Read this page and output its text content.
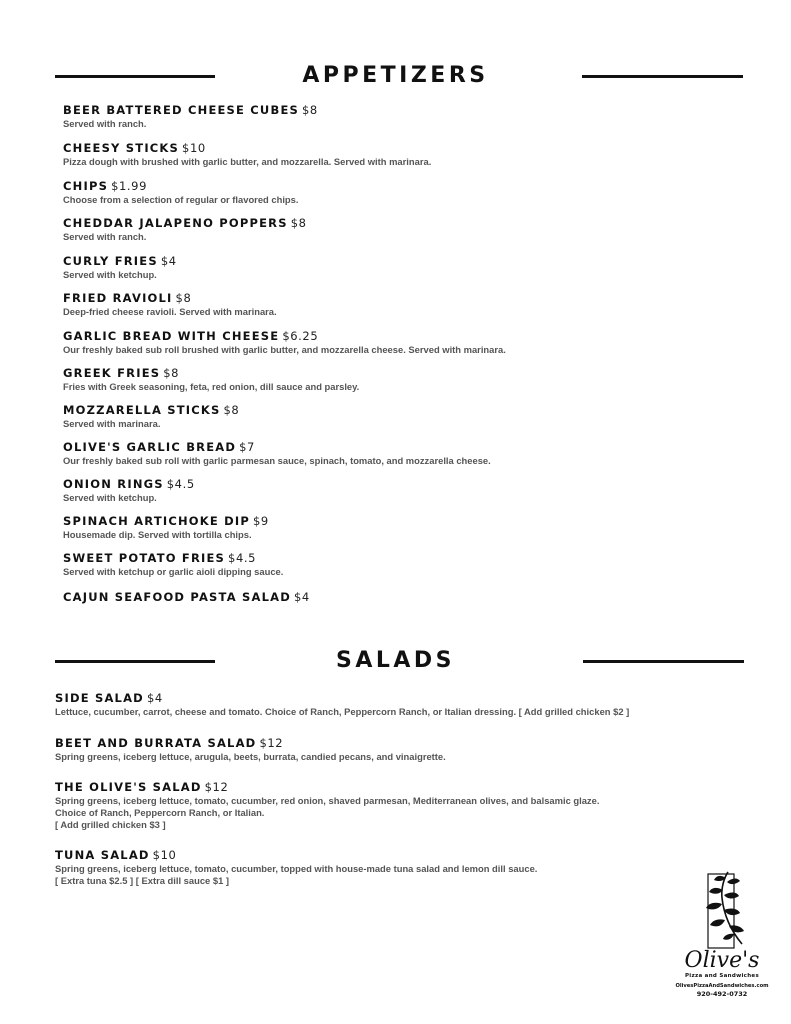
APPETIZERS
BEER BATTERED CHEESE CUBES $8
Served with ranch.
CHEESY STICKS $10
Pizza dough with brushed with garlic butter, and mozzarella. Served with marinara.
CHIPS $1.99
Choose from a selection of regular or flavored chips.
CHEDDAR JALAPENO POPPERS $8
Served with ranch.
CURLY FRIES $4
Served with ketchup.
FRIED RAVIOLI $8
Deep-fried cheese ravioli. Served with marinara.
GARLIC BREAD WITH CHEESE $6.25
Our freshly baked sub roll brushed with garlic butter, and mozzarella cheese. Served with marinara.
GREEK FRIES $8
Fries with Greek seasoning, feta, red onion, dill sauce and parsley.
MOZZARELLA STICKS $8
Served with marinara.
OLIVE'S GARLIC BREAD $7
Our freshly baked sub roll with garlic parmesan sauce, spinach, tomato, and mozzarella cheese.
ONION RINGS $4.5
Served with ketchup.
SPINACH ARTICHOKE DIP $9
Housemade dip. Served with tortilla chips.
SWEET POTATO FRIES $4.5
Served with ketchup or garlic aioli dipping sauce.
CAJUN SEAFOOD PASTA SALAD $4
SALADS
SIDE SALAD $4
Lettuce, cucumber, carrot, cheese and tomato. Choice of Ranch, Peppercorn Ranch, or Italian dressing. [ Add grilled chicken $2 ]
BEET AND BURRATA SALAD $12
Spring greens, iceberg lettuce, arugula, beets, burrata, candied pecans, and vinaigrette.
THE OLIVE'S SALAD $12
Spring greens, iceberg lettuce, tomato, cucumber, red onion, shaved parmesan, Mediterranean olives, and balsamic glaze.
Choice of Ranch, Peppercorn Ranch, or Italian.
[ Add grilled chicken $3 ]
TUNA SALAD $10
Spring greens, iceberg lettuce, tomato, cucumber, topped with house-made tuna salad and lemon dill sauce.
[ Extra tuna $2.5 ] [ Extra dill sauce $1 ]
Olive's
Pizza and Sandwiches
OlivesPizzaAndSandwiches.com
920-492-0732
